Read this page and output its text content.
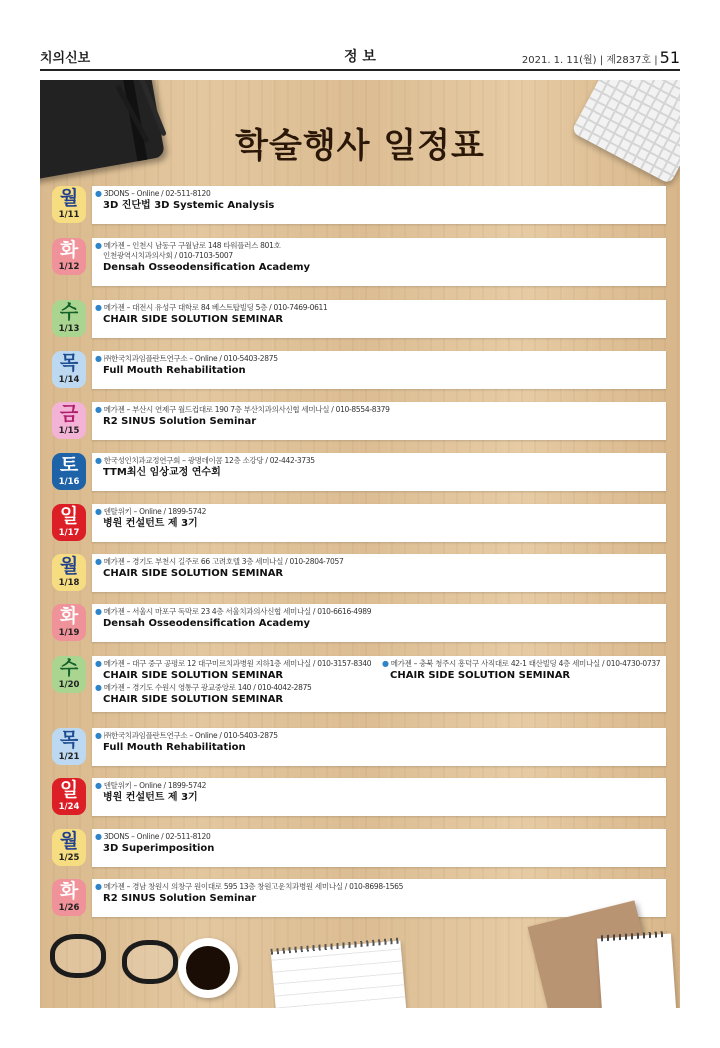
치의신보	정 보	2021. 1. 11(월) | 제2837호 | 51
학술행사 일정표
월
1/11
● 3DONS – Online / 02-511-8120
3D 진단법 3D Systemic Analysis
화
1/12
● 메가젠 – 인천시 남동구 구월남로 148 타워플러스 801호
인천광역시치과의사회 / 010-7103-5007
Densah Osseodensification Academy
수
1/13
● 메가젠 – 대전시 유성구 대학로 84 베스트탑빌딩 5층 / 010-7469-0611
CHAIR SIDE SOLUTION SEMINAR
목
1/14
● ㈜한국치과임플란트연구소 – Online / 010-5403-2875
Full Mouth Rehabilitation
금
1/15
● 메가젠 – 부산시 연제구 월드컵대로 190 7층 부산치과의사신협 세미나실 / 010-8554-8379
R2 SINUS Solution Seminar
토
1/16
● 한국성인치과교정연구회 – 광명데이콤 12층 소강당 / 02-442-3735
TTM최신 임상교정 연수회
일
1/17
● 덴탈위키 – Online / 1899-5742
병원 컨설턴트 제 3기
월
1/18
● 메가젠 – 경기도 부천시 길주로 66 고려호텔 3층 세미나실 / 010-2804-7057
CHAIR SIDE SOLUTION SEMINAR
화
1/19
● 메가젠 – 서울시 마포구 독막로 23 4층 서울치과의사신협 세미나실 / 010-6616-4989
Densah Osseodensification Academy
수
1/20
● 메가젠 – 대구 중구 공평로 12 대구미르치과병원 지하1층 세미나실 / 010-3157-8340
CHAIR SIDE SOLUTION SEMINAR
● 메가젠 – 경기도 수원시 영통구 광교중앙로 140 / 010-4042-2875
CHAIR SIDE SOLUTION SEMINAR
● 메가젠 – 충북 청주시 흥덕구 사직대로 42-1 태산빌딩 4층 세미나실 / 010-4730-0737
CHAIR SIDE SOLUTION SEMINAR
목
1/21
● ㈜한국치과임플란트연구소 – Online / 010-5403-2875
Full Mouth Rehabilitation
일
1/24
● 덴탈위키 – Online / 1899-5742
병원 컨설턴트 제 3기
월
1/25
● 3DONS – Online / 02-511-8120
3D Superimposition
화
1/26
● 메가젠 – 경남 창원시 의창구 원이대로 595 13층 창원고운치과병원 세미나실 / 010-8698-1565
R2 SINUS Solution Seminar
